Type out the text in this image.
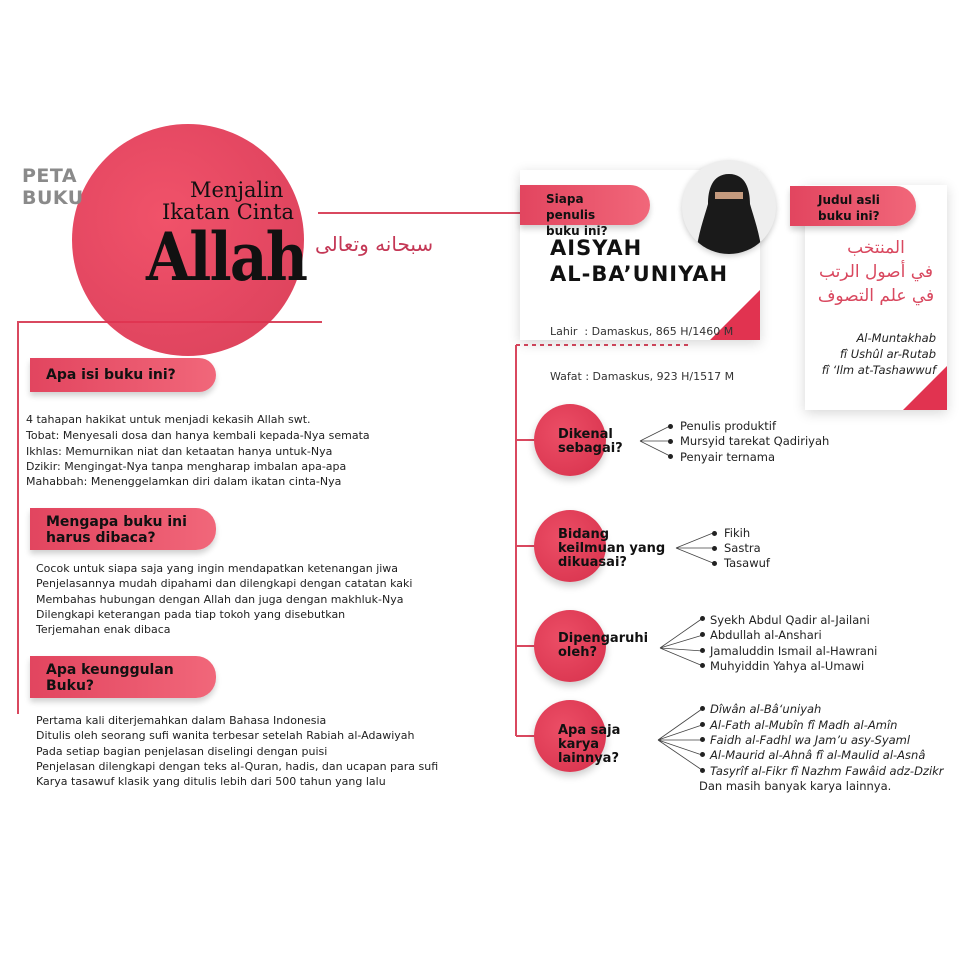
PETA
BUKU	Menjalin
Ikatan Cinta
Allah سبحانه وتعالى
Apa isi buku ini?
4 tahapan hakikat untuk menjadi kekasih Allah swt.
Tobat: Menyesali dosa dan hanya kembali kepada-Nya semata
Ikhlas: Memurnikan niat dan ketaatan hanya untuk-Nya
Dzikir: Mengingat-Nya tanpa mengharap imbalan apa-apa
Mahabbah: Menenggelamkan diri dalam ikatan cinta-Nya
Mengapa buku ini
harus dibaca?
Cocok untuk siapa saja yang ingin mendapatkan ketenangan jiwa
Penjelasannya mudah dipahami dan dilengkapi dengan catatan kaki
Membahas hubungan dengan Allah dan juga dengan makhluk-Nya
Dilengkapi keterangan pada tiap tokoh yang disebutkan
Terjemahan enak dibaca
Apa keunggulan
Buku?
Pertama kali diterjemahkan dalam Bahasa Indonesia
Ditulis oleh seorang sufi wanita terbesar setelah Rabiah al-Adawiyah
Pada setiap bagian penjelasan diselingi dengan puisi
Penjelasan dilengkapi dengan teks al-Quran, hadis, dan ucapan para sufi
Karya tasawuf klasik yang ditulis lebih dari 500 tahun yang lalu
Siapa penulis
buku ini?
AISYAH
AL-BA’UNIYAH

Lahir  : Damaskus, 865 H/1460 M

Wafat : Damaskus, 923 H/1517 M

Judul asli
buku ini?
المنتخب
في أصول الرتب
في علم التصوف
Al-Muntakhab
fî Ushûl ar-Rutab
fî ‘Ilm at-Tashawwuf
Dikenal
sebagai?
Penulis produktif
Mursyid tarekat Qadiriyah
Penyair ternama
Bidang
keilmuan yang
dikuasai?
Fikih
Sastra
Tasawuf
Dipengaruhi
oleh?
Syekh Abdul Qadir al-Jailani
Abdullah al-Anshari
Jamaluddin Ismail al-Hawrani
Muhyiddin Yahya al-Umawi
Apa saja
karya
lainnya?
Dîwân al-Bâ‘uniyah
Al-Fath al-Mubîn fî Madh al-Amîn
Faidh al-Fadhl wa Jam’u asy-Syaml
Al-Maurid al-Ahnâ fî al-Maulid al-Asnâ
Tasyrîf al-Fikr fî Nazhm Fawâid adz-Dzikr
Dan masih banyak karya lainnya.
